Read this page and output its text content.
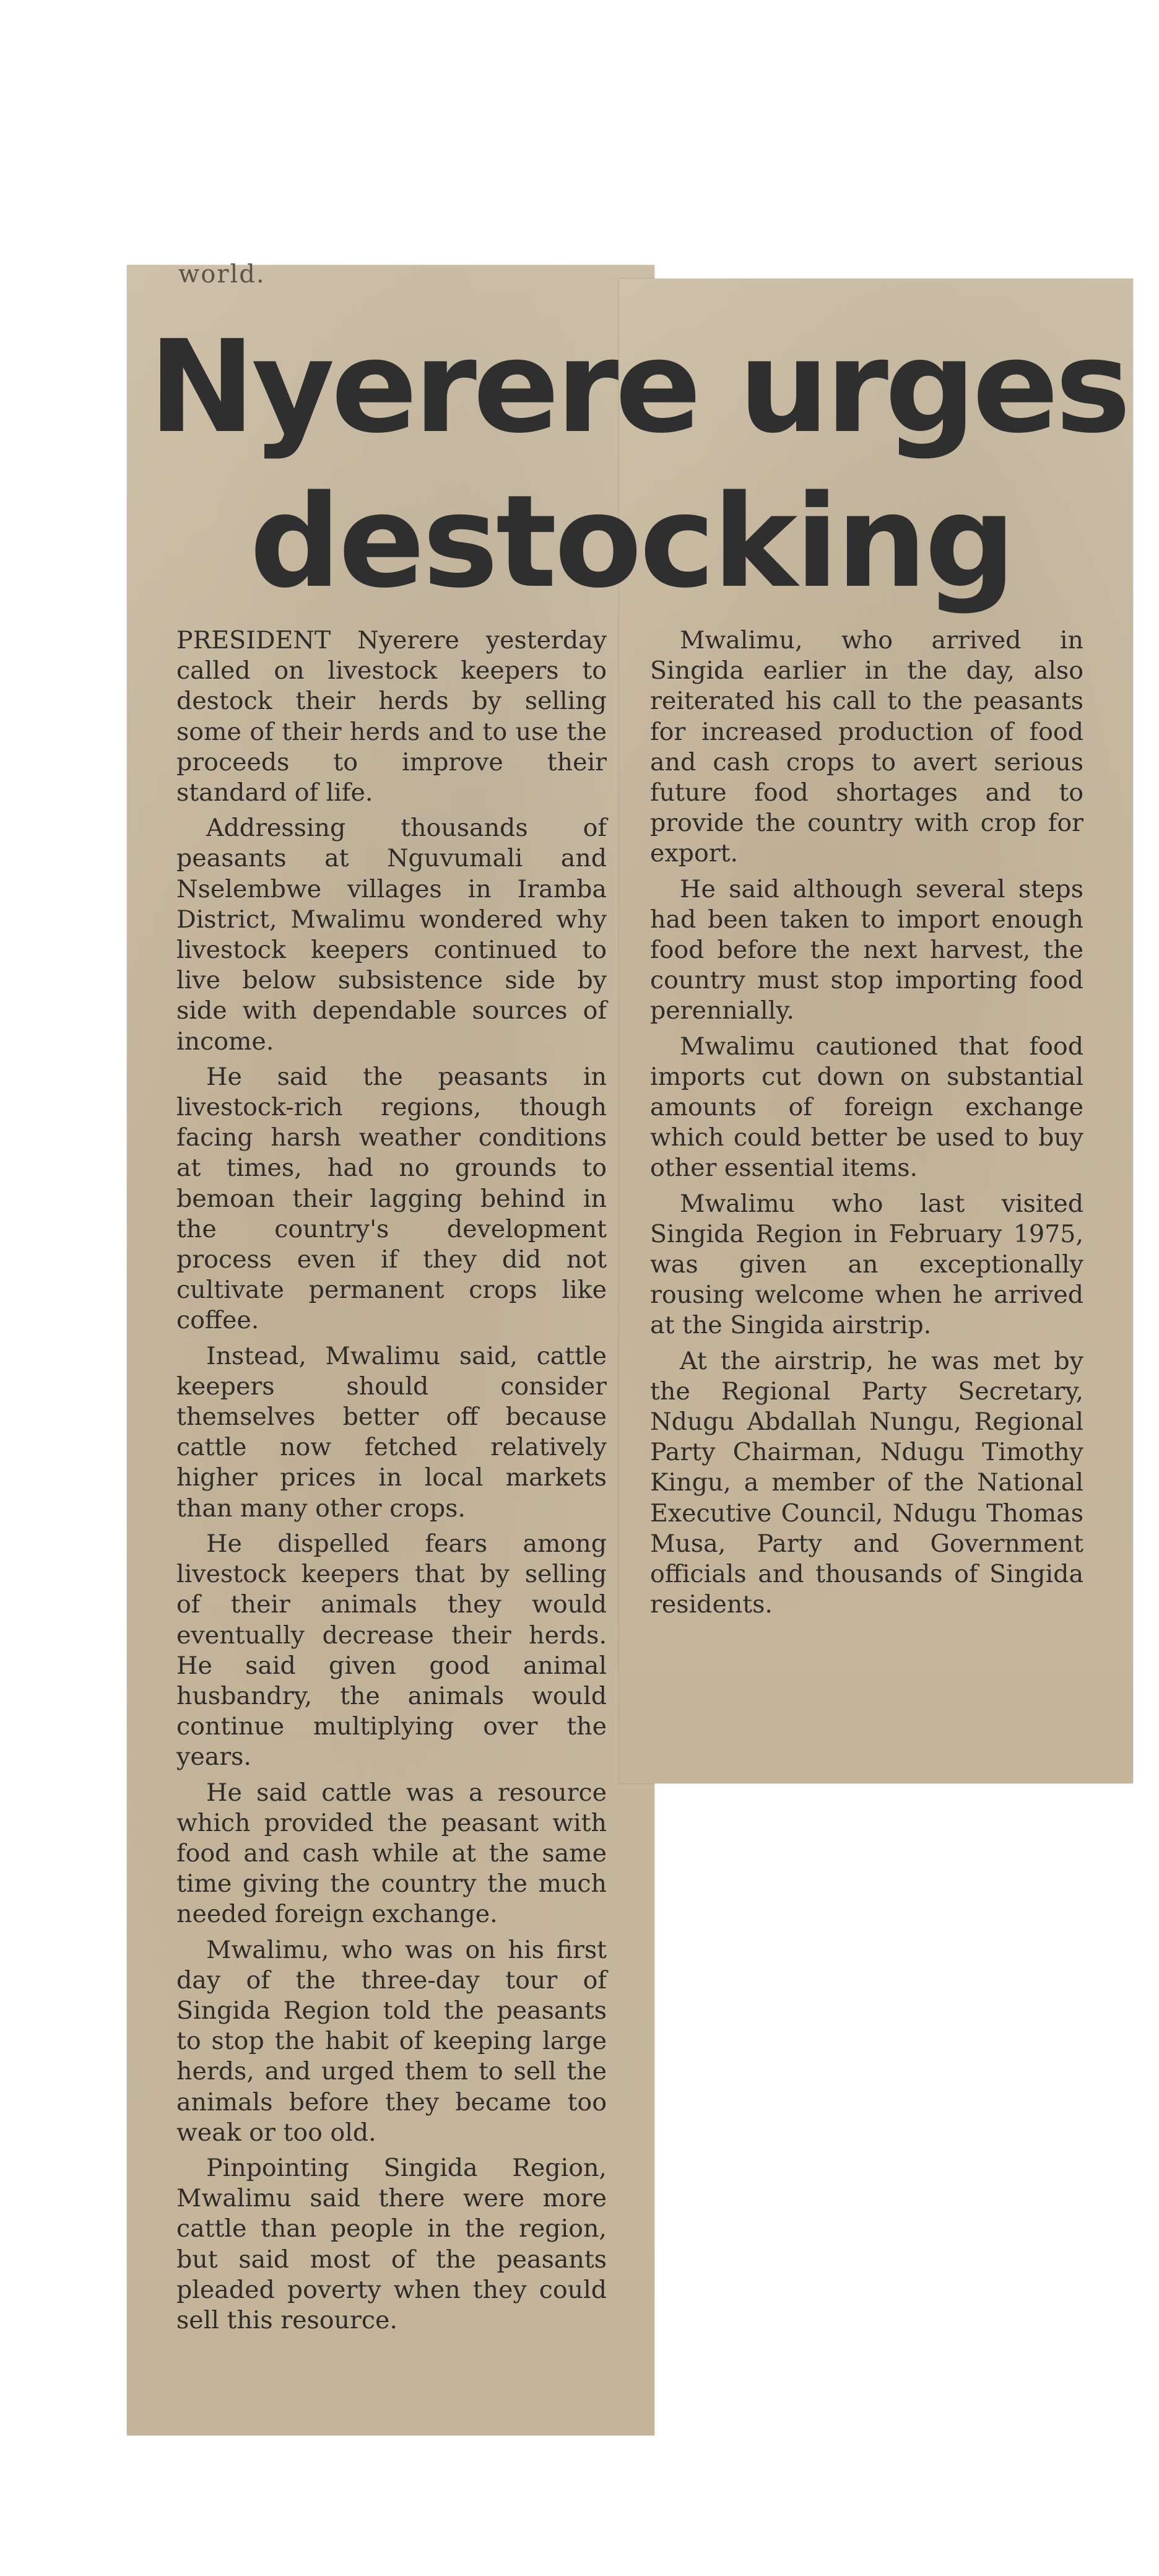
world.
Nyerere urges
destocking

PRESIDENT Nyerere yesterday called on livestock keepers to destock their herds by selling some of their herds and to use the proceeds to improve their standard of life.

Addressing thousands of peasants at Nguvumali and Nselembwe villages in Iramba District, Mwalimu wondered why livestock keepers continued to live below subsistence side by side with dependable sources of income.

He said the peasants in livestock-rich regions, though facing harsh weather conditions at times, had no grounds to bemoan their lagging behind in the country's development process even if they did not cultivate permanent crops like coffee.

Instead, Mwalimu said, cattle keepers should consider themselves better off because cattle now fetched relatively higher prices in local markets than many other crops.

He dispelled fears among livestock keepers that by selling of their animals they would eventually decrease their herds. He said given good animal husbandry, the animals would continue multiplying over the years.

He said cattle was a resource which provided the peasant with food and cash while at the same time giving the country the much needed foreign exchange.

Mwalimu, who was on his first day of the three-day tour of Singida Region told the peasants to stop the habit of keeping large herds, and urged them to sell the animals before they became too weak or too old.

Pinpointing Singida Region, Mwalimu said there were more cattle than people in the region, but said most of the peasants pleaded poverty when they could sell this resource.

Mwalimu, who arrived in Singida earlier in the day, also reiterated his call to the peasants for increased production of food and cash crops to avert serious future food shortages and to provide the country with crop for export.

He said although several steps had been taken to import enough food before the next harvest, the country must stop importing food perennially.

Mwalimu cautioned that food imports cut down on substantial amounts of foreign exchange which could better be used to buy other essential items.

Mwalimu who last visited Singida Region in February 1975, was given an exceptionally rousing welcome when he arrived at the Singida airstrip.

At the airstrip, he was met by the Regional Party Secretary, Ndugu Abdallah Nungu, Regional Party Chairman, Ndugu Timothy Kingu, a member of the National Executive Council, Ndugu Thomas Musa, Party and Government officials and thousands of Singida residents.
